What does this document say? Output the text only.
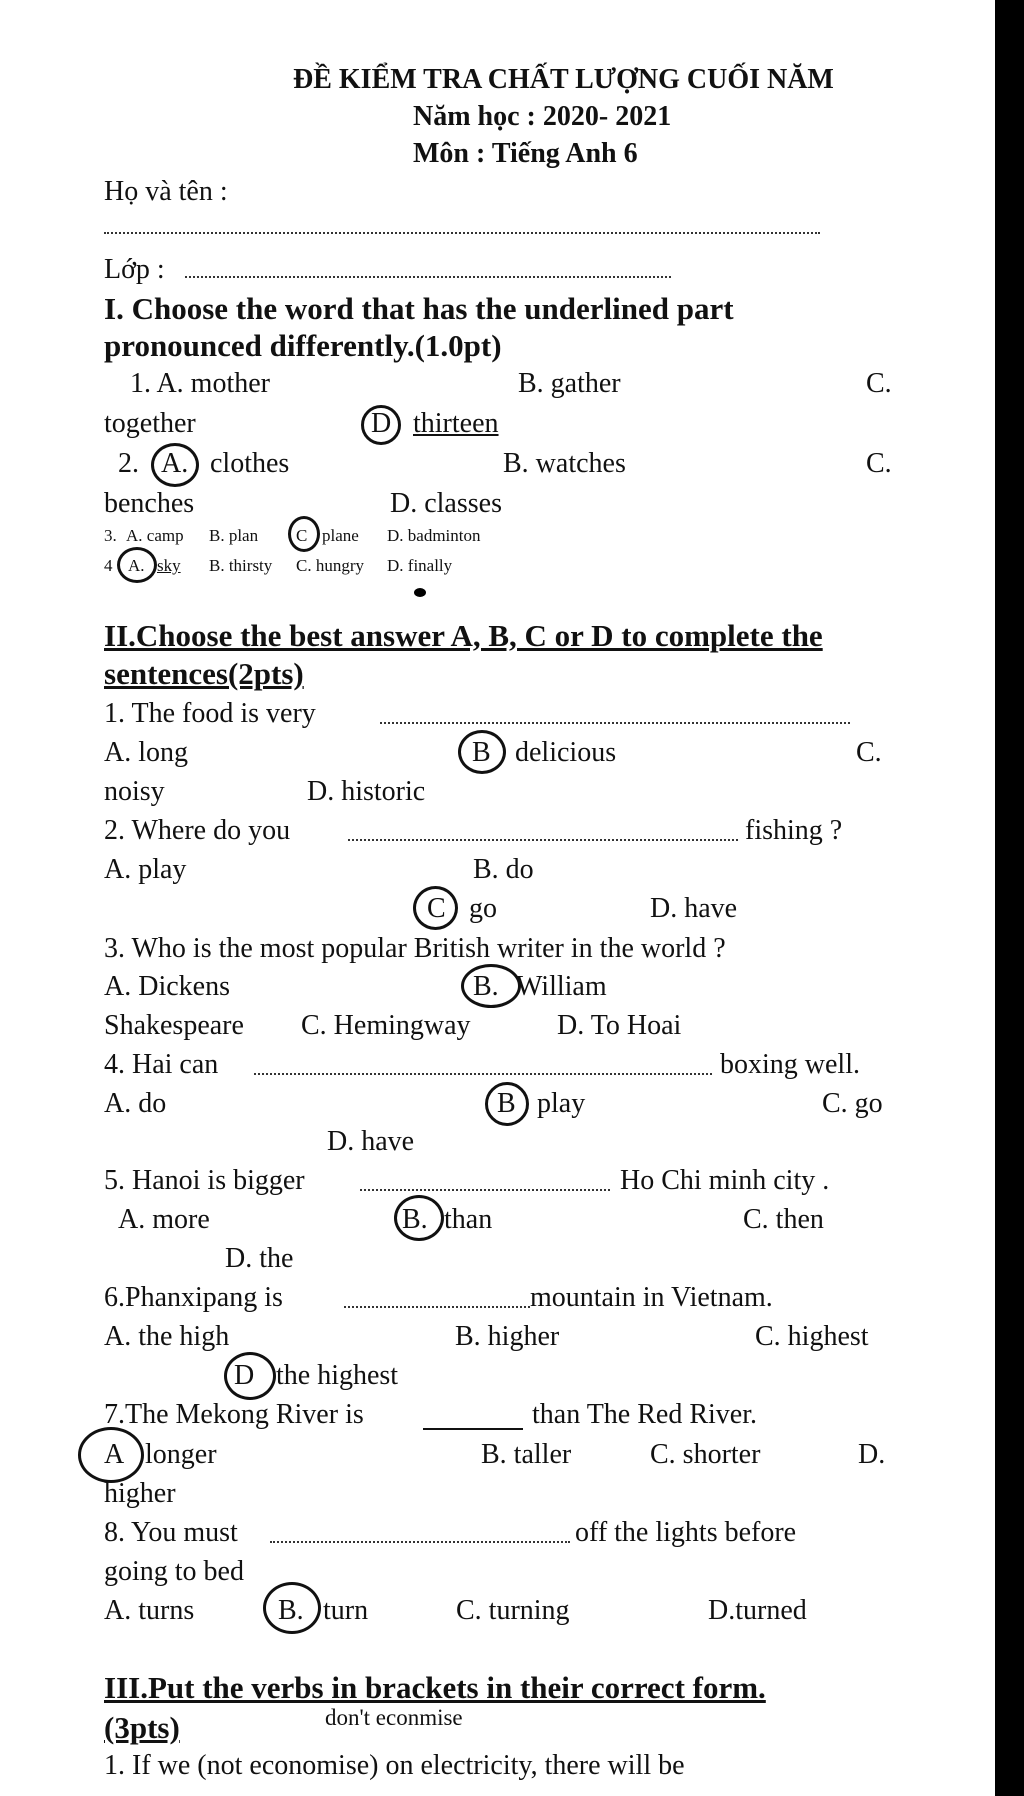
ĐỀ KIỂM TRA CHẤT LƯỢNG CUỐI NĂM
Năm học : 2020- 2021
Môn : Tiếng Anh 6
Họ và tên :
Lớp :
I. Choose the word that has the underlined part
pronounced differently.(1.0pt)
1. A. mother	B. gather	C.
together	D thirteen
2. A. clothes	B. watches	C.
benches	D. classes
3. A. camp B. plan C plane D. badminton
4 A. sky B. thirsty C. hungry D. finally
II.Choose the best answer A, B, C or D to complete the
sentences(2pts)
1. The food is very
A. long	B delicious	C.
noisy	D. historic
2. Where do you	fishing ?
A. play	B. do
C go	D. have
3. Who is the most popular British writer in the world ?
A. Dickens	B. William
Shakespeare C. Hemingway	D. To Hoai
4. Hai can	boxing well.
A. do	B play	C. go
D. have
5. Hanoi is bigger	Ho Chi minh city .
A. more	B. than	C. then
D. the
6.Phanxipang is	mountain in Vietnam.
A. the high	B. higher	C. highest
D the highest
7.The Mekong River is	than The Red River.
A longer	B. taller	C. shorter	D.
higher
8. You must	off the lights before
going to bed
A. turns	B. turn	C. turning	D.turned
III.Put the verbs in brackets in their correct form.
(3pts)	don't econmise
1. If we (not economise) on electricity, there will be
